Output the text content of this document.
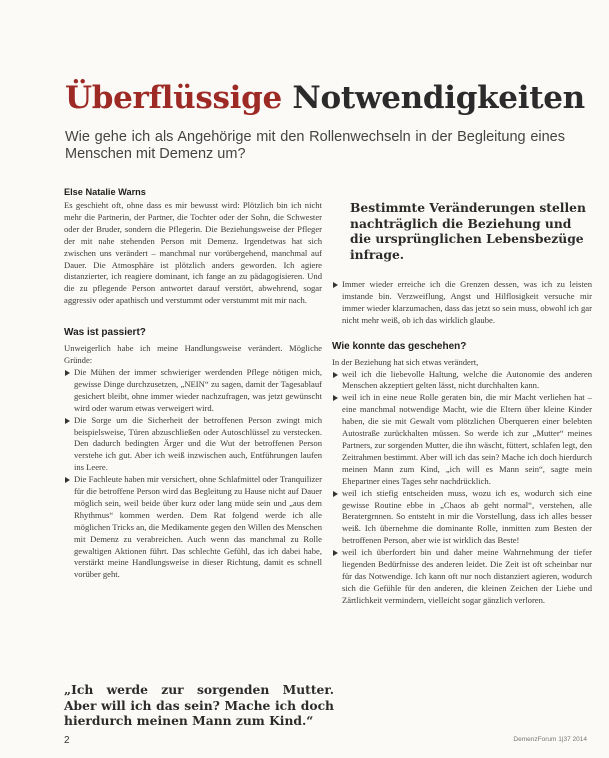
Überflüssige Notwendigkeiten

Wie gehe ich als Angehörige mit den Rollenwechseln in der Begleitung eines Menschen mit Demenz um?

Else Natalie Warns

Es geschieht oft, ohne dass es mir bewusst wird: Plötzlich bin ich nicht mehr die Partnerin, der Partner, die Tochter oder der Sohn, die Schwester oder der Bruder, sondern die Pflegerin. Die Beziehungsweise der Pfleger der mit nahe stehenden Person mit Demenz. Irgendetwas hat sich zwischen uns verändert – manchmal nur vorübergehend, manchmal auf Dauer. Die Atmosphäre ist plötzlich anders geworden. Ich agiere distanzierter, ich reagiere dominant, ich fange an zu pädagogisieren. Und die zu pflegende Person antwortet darauf verstört, abwehrend, sogar aggressiv oder apathisch und verstummt oder verstummt mit mir nach.

Was ist passiert?

Unweigerlich habe ich meine Handlungsweise verändert. Mögliche Gründe:

Die Mühen der immer schwieriger werdenden Pflege nötigen mich, gewisse Dinge durchzusetzen, „NEIN“ zu sagen, damit der Tagesablauf gesichert bleibt, ohne immer wieder nachzufragen, was jetzt gewünscht wird oder warum etwas verweigert wird.
Die Sorge um die Sicherheit der betroffenen Person zwingt mich beispielsweise, Türen abzuschließen oder Autoschlüssel zu verstecken. Den dadurch bedingten Ärger und die Wut der betroffenen Person verstehe ich gut. Aber ich weiß inzwischen auch, Entführungen laufen ins Leere.
Die Fachleute haben mir versichert, ohne Schlafmittel oder Tranquilizer für die betroffene Person wird das Begleitung zu Hause nicht auf Dauer möglich sein, weil beide über kurz oder lang müde sein und „aus dem Rhythmus“ kommen werden. Dem Rat folgend werde ich alle möglichen Tricks an, die Medikamente gegen den Willen des Menschen mit Demenz zu verabreichen. Auch wenn das manchmal zu Rolle gewaltigen Aktionen führt. Das schlechte Gefühl, das ich dabei habe, verstärkt meine Handlungsweise in dieser Richtung, damit es schnell vorüber geht.
Bestimmte Veränderungen stellen nachträglich die Beziehung und die ursprünglichen Lebensbezüge infrage.
Immer wieder erreiche ich die Grenzen dessen, was ich zu leisten imstande bin. Verzweiflung, Angst und Hilflosigkeit versuche mir immer wieder klarzumachen, dass das jetzt so sein muss, obwohl ich gar nicht mehr weiß, ob ich das wirklich glaube.
Wie konnte das geschehen?

In der Beziehung hat sich etwas verändert,

weil ich die liebevolle Haltung, welche die Autonomie des anderen Menschen akzeptiert gelten lässt, nicht durchhalten kann.
weil ich in eine neue Rolle geraten bin, die mir Macht verliehen hat – eine manchmal notwendige Macht, wie die Eltern über kleine Kinder haben, die sie mit Gewalt vom plötzlichen Überqueren einer belebten Autostraße zurückhalten müssen. So werde ich zur „Mutter“ meines Partners, zur sorgenden Mutter, die ihn wäscht, füttert, schlafen legt, den Zeitrahmen bestimmt. Aber will ich das sein? Mache ich doch hierdurch meinen Mann zum Kind, „ich will es Mann sein“, sagte mein Ehepartner eines Tages sehr nachdrücklich.
weil ich stiefig entscheiden muss, wozu ich es, wodurch sich eine gewisse Routine ebbe in „Chaos ab geht normal“, verstehen, alle Beratergrnnen. So entsteht in mir die Vorstellung, dass ich alles besser weiß. Ich übernehme die dominante Rolle, inmitten zum Besten der betroffenen Person, aber wie ist wirklich das Beste!
weil ich überfordert bin und daher meine Wahrnehmung der tiefer liegenden Bedürfnisse des anderen leidet. Die Zeit ist oft scheinbar nur für das Notwendige. Ich kann oft nur noch distanziert agieren, wodurch sich die Gefühle für den anderen, die kleinen Zeichen der Liebe und Zärtlichkeit vermindern, vielleicht sogar gänzlich verloren.

„Ich werde zur sorgenden Mutter. Aber will ich das sein? Mache ich doch hierdurch meinen Mann zum Kind.“

2	DemenzForum 1|37 2014
